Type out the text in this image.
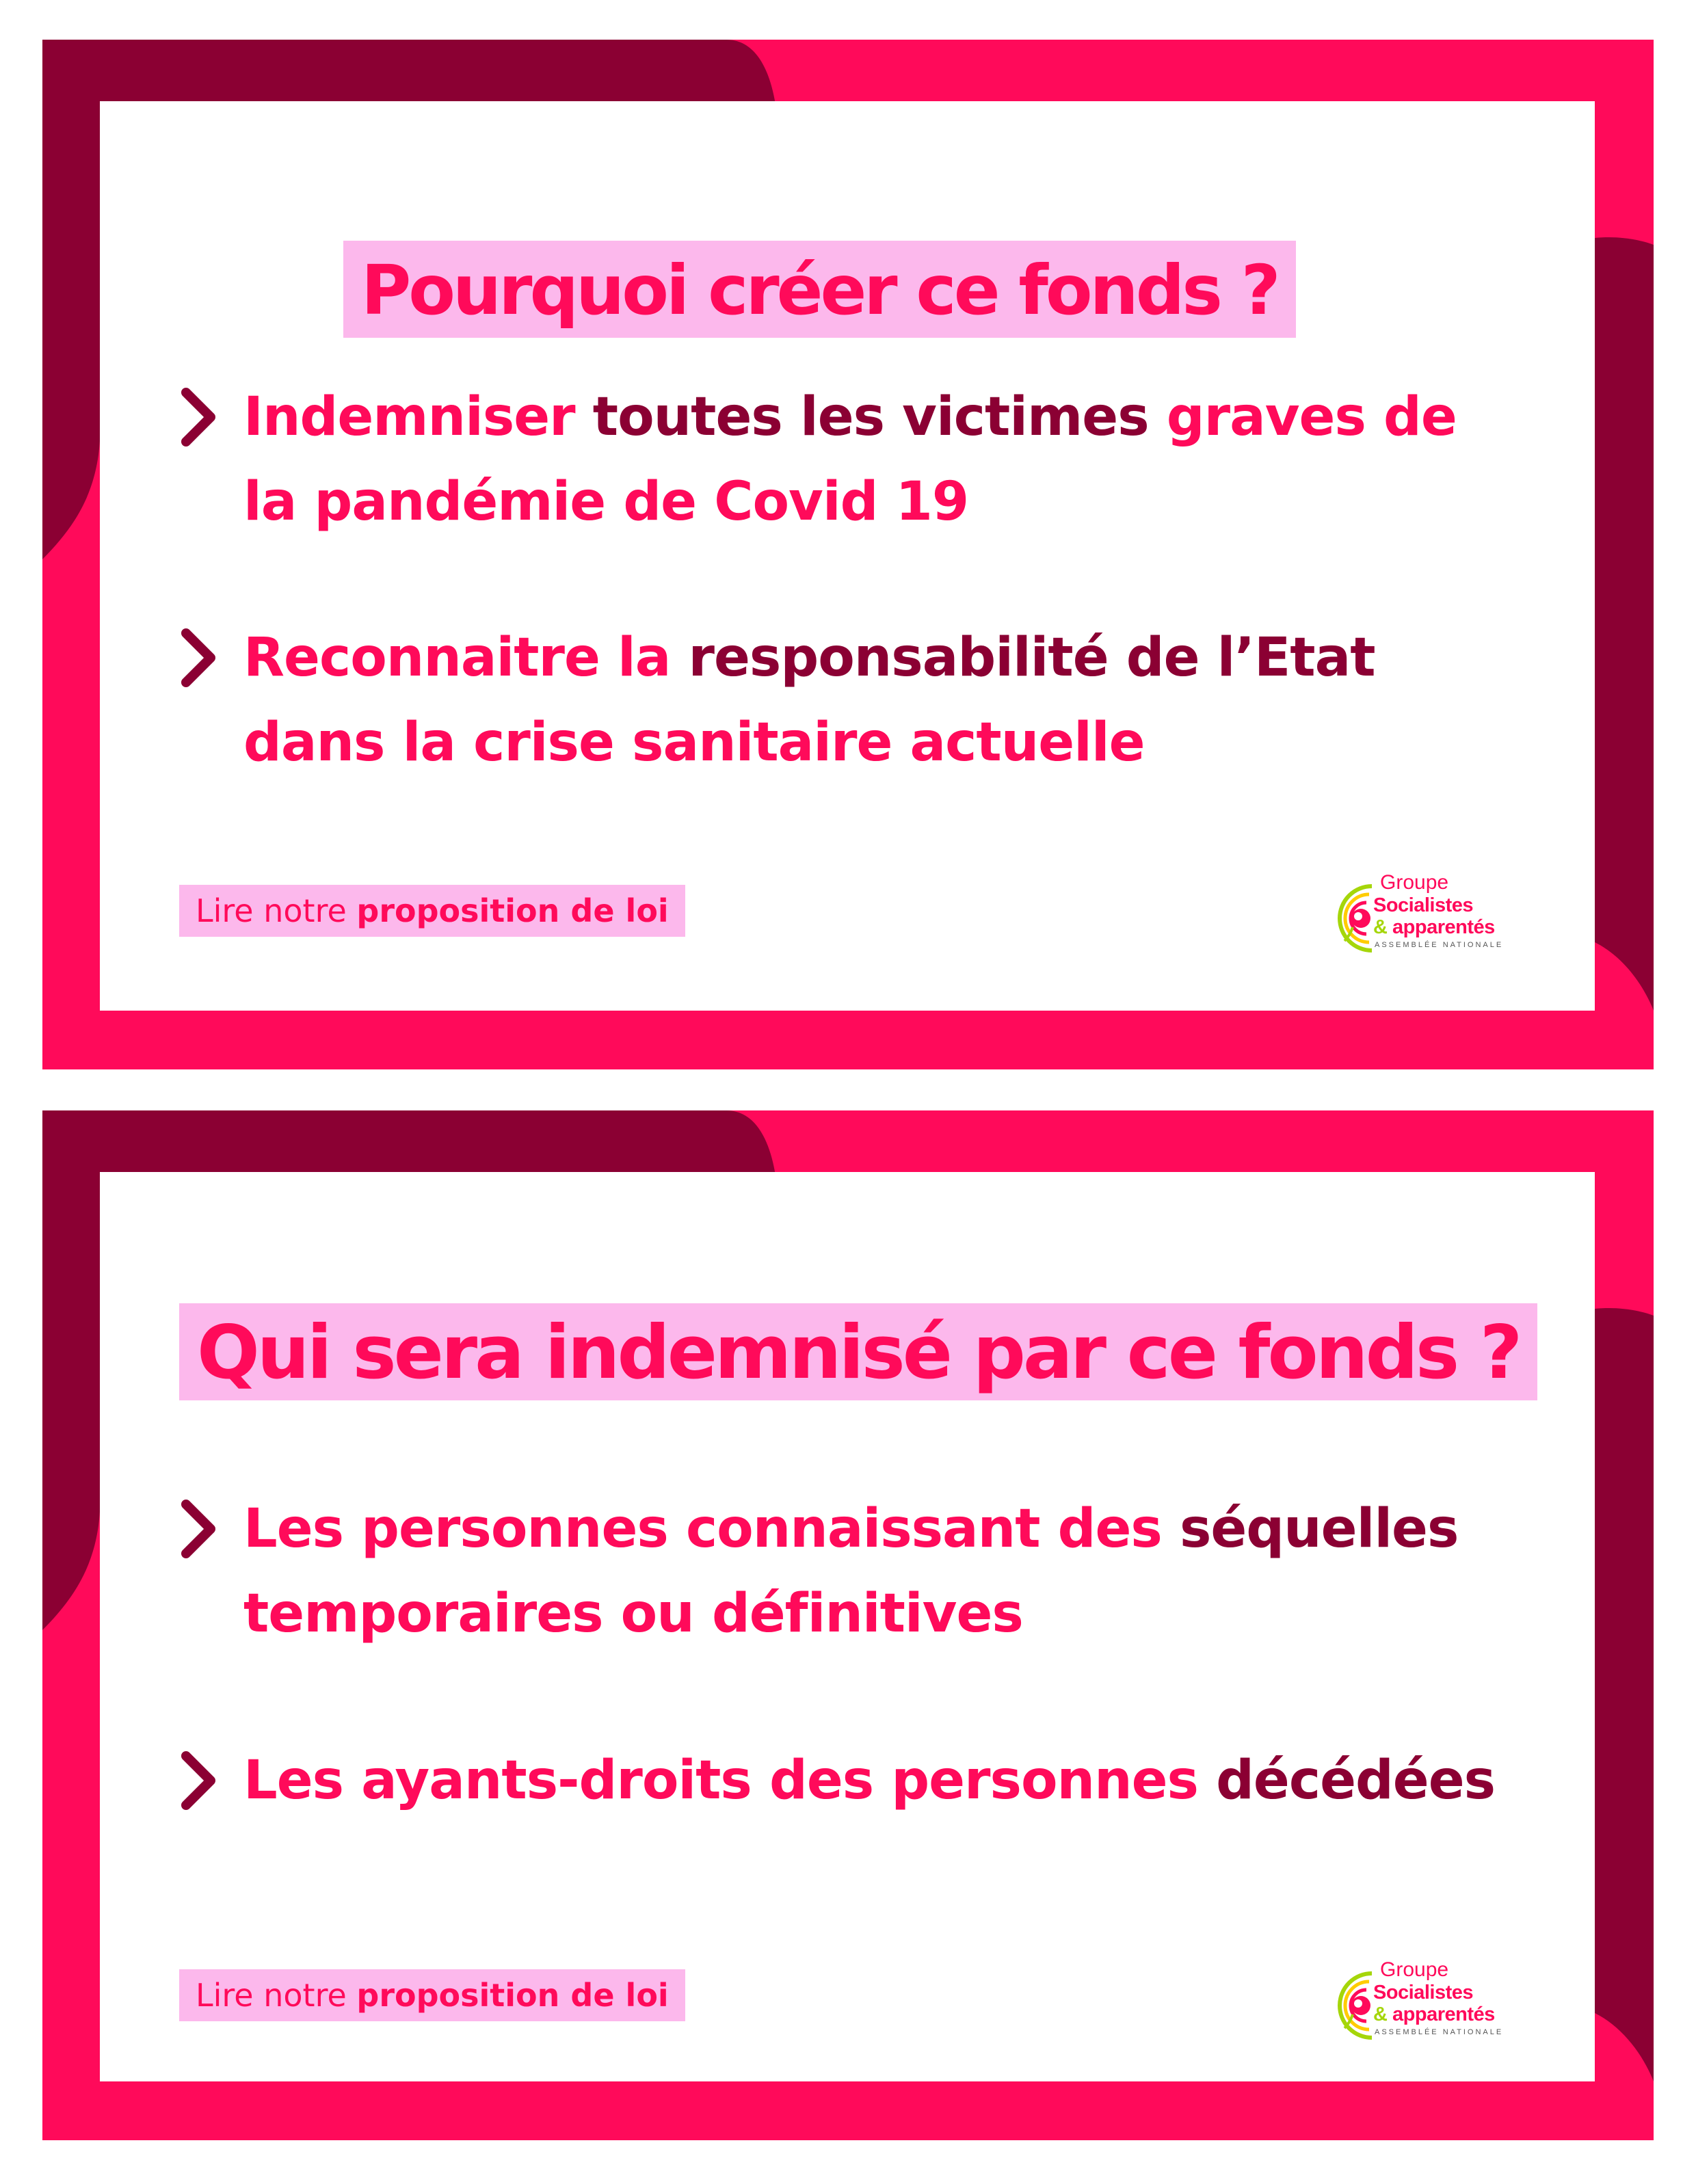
Pourquoi créer ce fonds ?
Indemniser toutes les victimes graves de la pandémie de Covid 19
Reconnaitre la responsabilité de l’Etat dans la crise sanitaire actuelle
Lire notre proposition de loi
Groupe
Socialistes
& apparentés
ASSEMBLÉE NATIONALE
Qui sera indemnisé par ce fonds ?
Les personnes connaissant des séquelles temporaires ou définitives
Les ayants-droits des personnes décédées
Lire notre proposition de loi
Groupe
Socialistes
& apparentés
ASSEMBLÉE NATIONALE
